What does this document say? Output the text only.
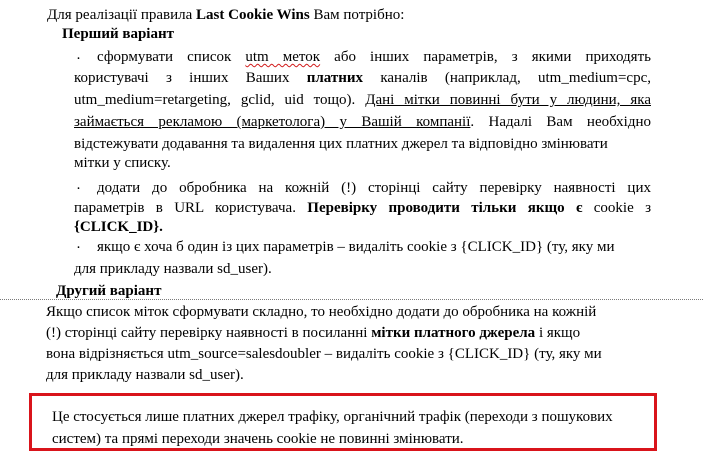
Для реалізації правила Last Cookie Wins Вам потрібно:
Перший варіант
· сформувати список utm меток або інших параметрів, з якими приходять
користувачі з інших Ваших платних каналів (наприклад, utm_medium=cpc,
utm_medium=retargeting, gclid, uid тощо). Дані мітки повинні бути у людини, яка
займається рекламою (маркетолога) у Вашій компанії. Надалі Вам необхідно
відстежувати додавання та видалення цих платних джерел та відповідно змінювати
мітки у списку.
· додати до обробника на кожній (!) сторінці сайту перевірку наявності цих
параметрів в URL користувача. Перевірку проводити тільки якщо є cookie з
{CLICK_ID}.
· якщо є хоча б один із цих параметрів – видаліть cookie з {CLICK_ID} (ту, яку ми
для прикладу назвали sd_user).
Другий варіант
Якщо список міток сформувати складно, то необхідно додати до обробника на кожній
(!) сторінці сайту перевірку наявності в посиланні мітки платного джерела і якщо
вона відрізняється utm_source=salesdoubler – видаліть cookie з {CLICK_ID} (ту, яку ми
для прикладу назвали sd_user).
Це стосується лише платних джерел трафіку, органічний трафік (переходи з пошукових
систем) та прямі переходи значень cookie не повинні змінювати.
